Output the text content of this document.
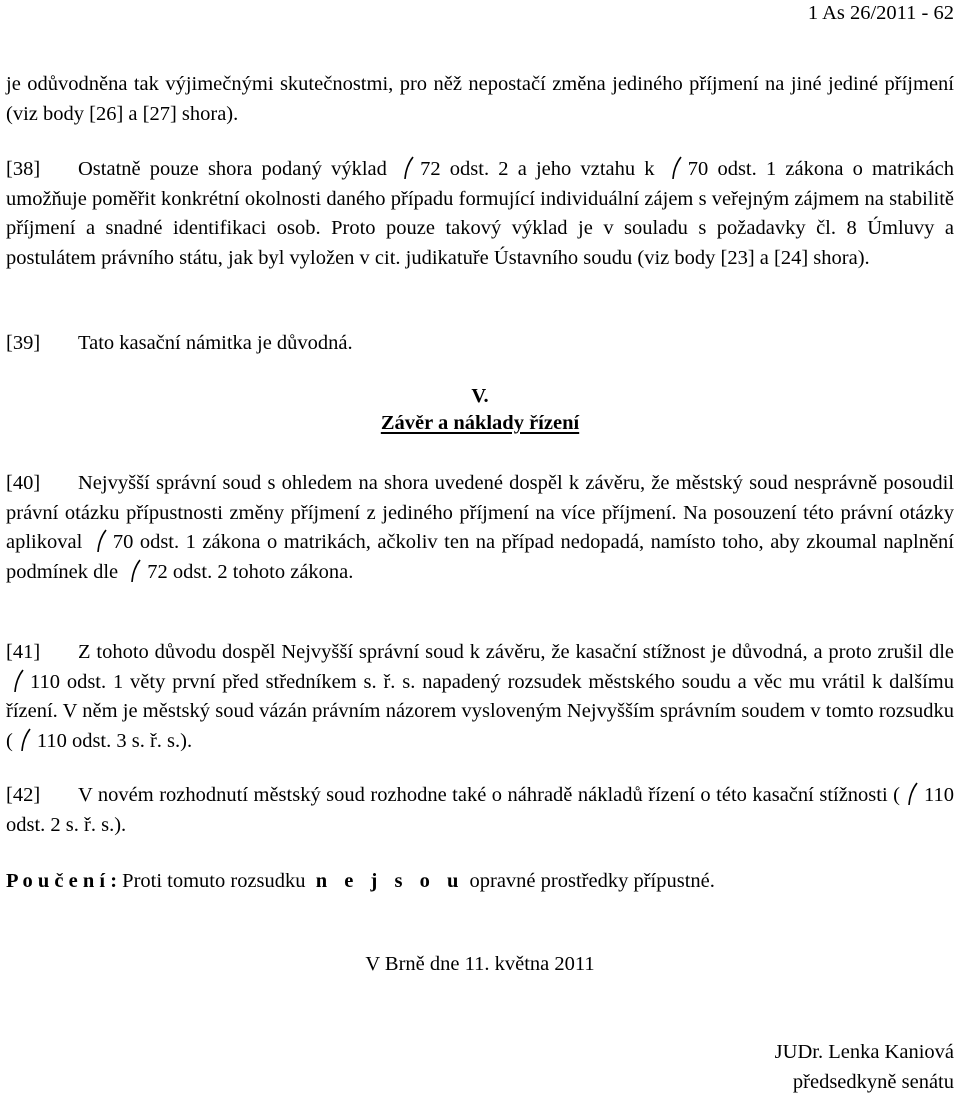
1 As 26/2011 - 62
je odůvodněna tak výjimečnými skutečnostmi, pro něž nepostačí změna jediného příjmení na jiné jediné příjmení (viz body [26] a [27] shora).
[38] Ostatně pouze shora podaný výklad 72 odst. 2 a jeho vztahu k 70 odst. 1 zákona o matrikách umožňuje poměřit konkrétní okolnosti daného případu formující individuální zájem s veřejným zájmem na stabilitě příjmení a snadné identifikaci osob. Proto pouze takový výklad je v souladu s požadavky čl. 8 Úmluvy a postulátem právního státu, jak byl vyložen v cit. judikatuře Ústavního soudu (viz body [23] a [24] shora).
[39] Tato kasační námitka je důvodná.
V.
Závěr a náklady řízení
[40] Nejvyšší správní soud s ohledem na shora uvedené dospěl k závěru, že městský soud nesprávně posoudil právní otázku přípustnosti změny příjmení z jediného příjmení na více příjmení. Na posouzení této právní otázky aplikoval 70 odst. 1 zákona o matrikách, ačkoliv ten na případ nedopadá, namísto toho, aby zkoumal naplnění podmínek dle 72 odst. 2 tohoto zákona.
[41] Z tohoto důvodu dospěl Nejvyšší správní soud k závěru, že kasační stížnost je důvodná, a proto zrušil dle
110 odst. 1 věty první před středníkem s. ř. s. napadený rozsudek městského soudu a věc mu vrátil k dalšímu řízení. V něm je městský soud vázán právním názorem vysloveným Nejvyšším správním soudem v tomto rozsudku ( 110 odst. 3 s. ř. s.).
[42] V novém rozhodnutí městský soud rozhodne také o náhradě nákladů řízení o této kasační stížnosti ( 110 odst. 2 s. ř. s.).
P o u č e n í : Proti tomuto rozsudku n e j s o u opravné prostředky přípustné.
V Brně dne 11. května 2011
JUDr. Lenka Kaniová
předsedkyně senátu
